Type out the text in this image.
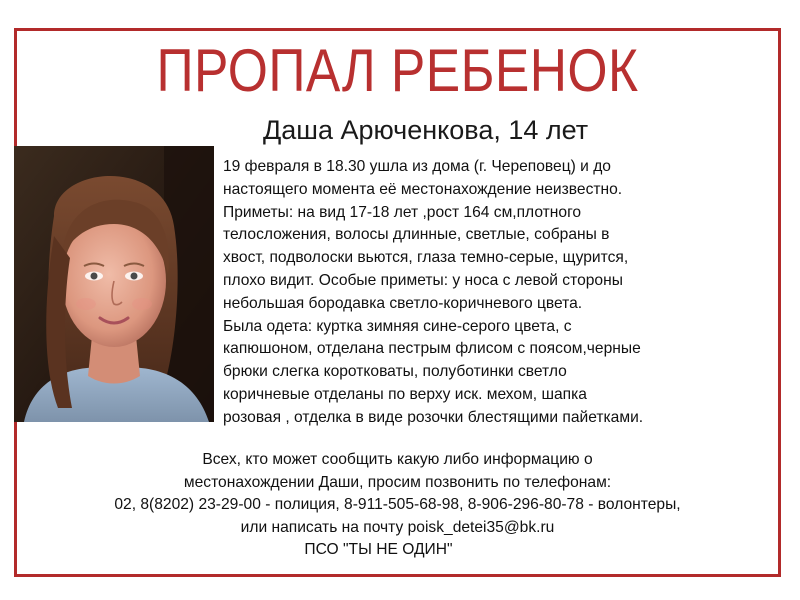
ПРОПАЛ РЕБЕНОК
Даша Арюченкова, 14 лет
19 февраля в 18.30 ушла из дома (г. Череповец) и до
настоящего момента её местонахождение неизвестно.
Приметы: на вид 17-18 лет ,рост 164 см,плотного
телосложения, волосы длинные, светлые, собраны в
хвост, подволоски вьются, глаза темно-серые, щурится,
плохо видит. Особые приметы: у носа с левой стороны
небольшая бородавка светло-коричневого цвета.
Была одета: куртка зимняя сине-серого цвета, с
капюшоном, отделана пестрым флисом с поясом,черные
брюки слегка коротковаты, полуботинки светло
коричневые отделаны по верху иск. мехом, шапка
розовая , отделка в виде розочки блестящими пайетками.
Всех, кто может сообщить какую либо информацию о
местонахождении Даши, просим позвонить по телефонам:
02, 8(8202) 23-29-00 - полиция, 8-911-505-68-98, 8-906-296-80-78 - волонтеры,
или написать на почту poisk_detei35@bk.ru
ПСО "ТЫ НЕ ОДИН"
